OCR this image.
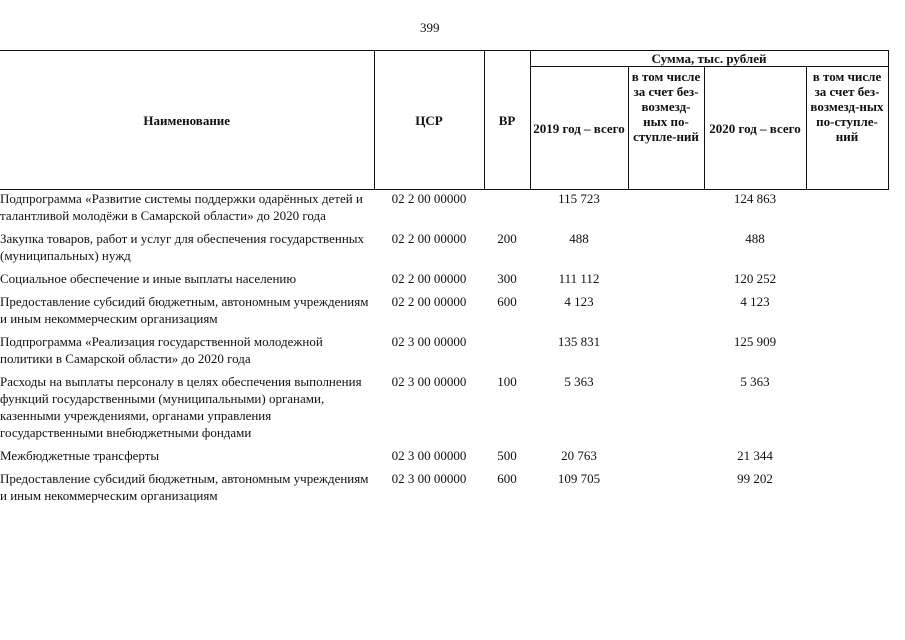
399
Наименование	ЦСР	ВР	Сумма, тыс. рублей			
			2019 год – всего	в том числе за счет без-возмезд-ных по-ступле-ний	2020 год – всего	в том числе за счет без-возмезд-ных по-ступле-ний
Подпрограмма «Развитие системы поддержки одарённых детей и талантливой молодёжи в Самарской области» до 2020 года	02 2 00 00000		115 723		124 863	

Закупка товаров, работ и услуг для обеспечения государственных (муниципальных) нужд	02 2 00 00000	200	488		488	

Социальное обеспечение и иные выплаты населению	02 2 00 00000	300	111 112		120 252	

Предоставление субсидий бюджетным, автономным учреждениям и иным некоммерческим организациям	02 2 00 00000	600	4 123		4 123	

Подпрограмма «Реализация государственной молодежной политики в Самарской области» до 2020 года	02 3 00 00000		135 831		125 909	

Расходы на выплаты персоналу в целях обеспечения выполнения функций государственными (муниципальными) органами, казенными учреждениями, органами управления государственными внебюджетными фондами	02 3 00 00000	100	5 363		5 363	

Межбюджетные трансферты	02 3 00 00000	500	20 763		21 344	

Предоставление субсидий бюджетным, автономным учреждениям и иным некоммерческим организациям	02 3 00 00000	600	109 705		99 202	
